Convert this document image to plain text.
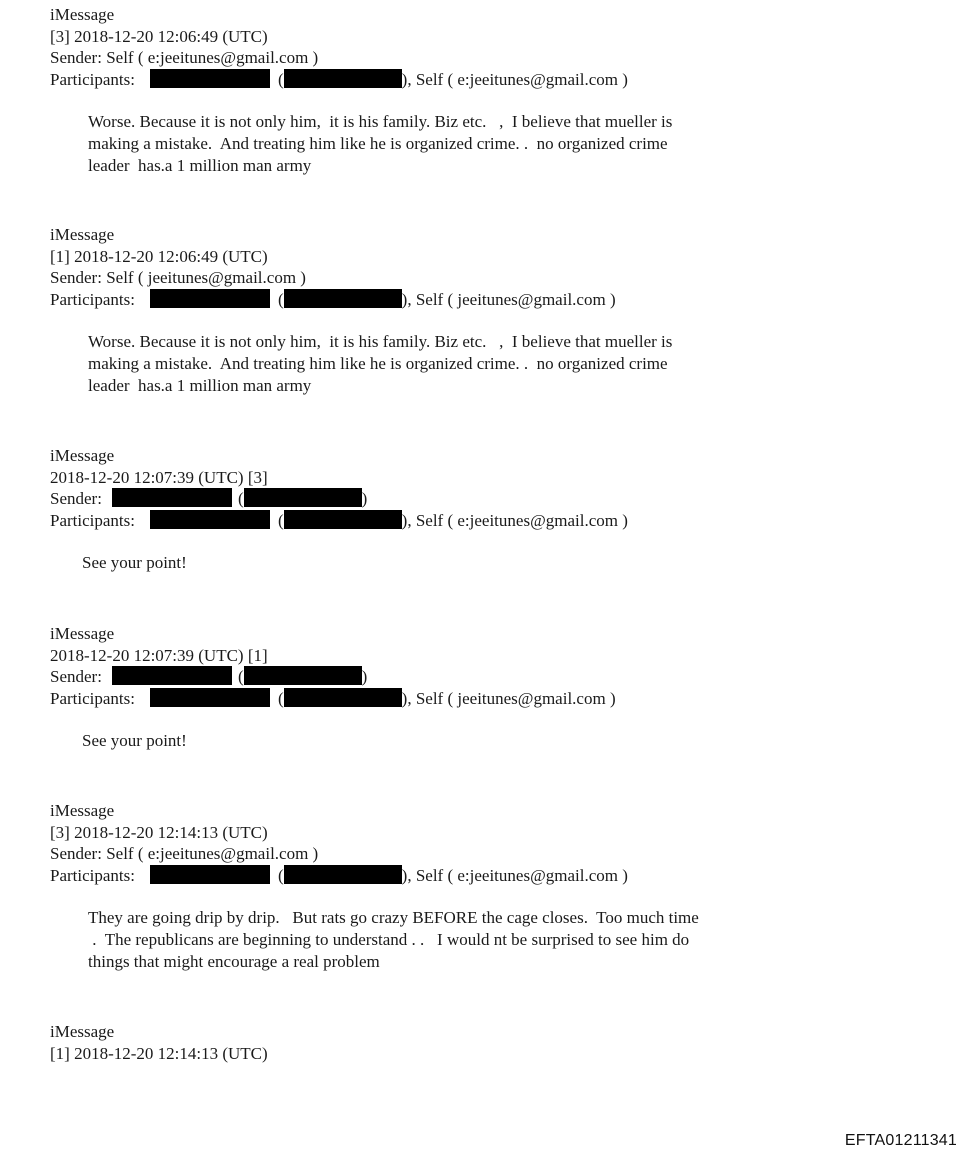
iMessage
[3] 2018-12-20 12:06:49 (UTC)
Sender: Self ( e:jeeitunes@gmail.com )
Participants:	(	), Self ( e:jeeitunes@gmail.com )
Worse. Because it is not only him,  it is his family. Biz etc.   ,  I believe that mueller is
making a mistake.  And treating him like he is organized crime. .  no organized crime
leader  has.a 1 million man army
iMessage
[1] 2018-12-20 12:06:49 (UTC)
Sender: Self ( jeeitunes@gmail.com )
Participants:	(	), Self ( jeeitunes@gmail.com )
Worse. Because it is not only him,  it is his family. Biz etc.   ,  I believe that mueller is
making a mistake.  And treating him like he is organized crime. .  no organized crime
leader  has.a 1 million man army
iMessage
2018-12-20 12:07:39 (UTC) [3]
Sender:	(	)
Participants:	(	), Self ( e:jeeitunes@gmail.com )
See your point!
iMessage
2018-12-20 12:07:39 (UTC) [1]
Sender:	(	)
Participants:	(	), Self ( jeeitunes@gmail.com )
See your point!
iMessage
[3] 2018-12-20 12:14:13 (UTC)
Sender: Self ( e:jeeitunes@gmail.com )
Participants:	(	), Self ( e:jeeitunes@gmail.com )
They are going drip by drip.   But rats go crazy BEFORE the cage closes.  Too much time
.  The republicans are beginning to understand . .   I would nt be surprised to see him do
things that might encourage a real problem
iMessage
[1] 2018-12-20 12:14:13 (UTC)
EFTA01211341
